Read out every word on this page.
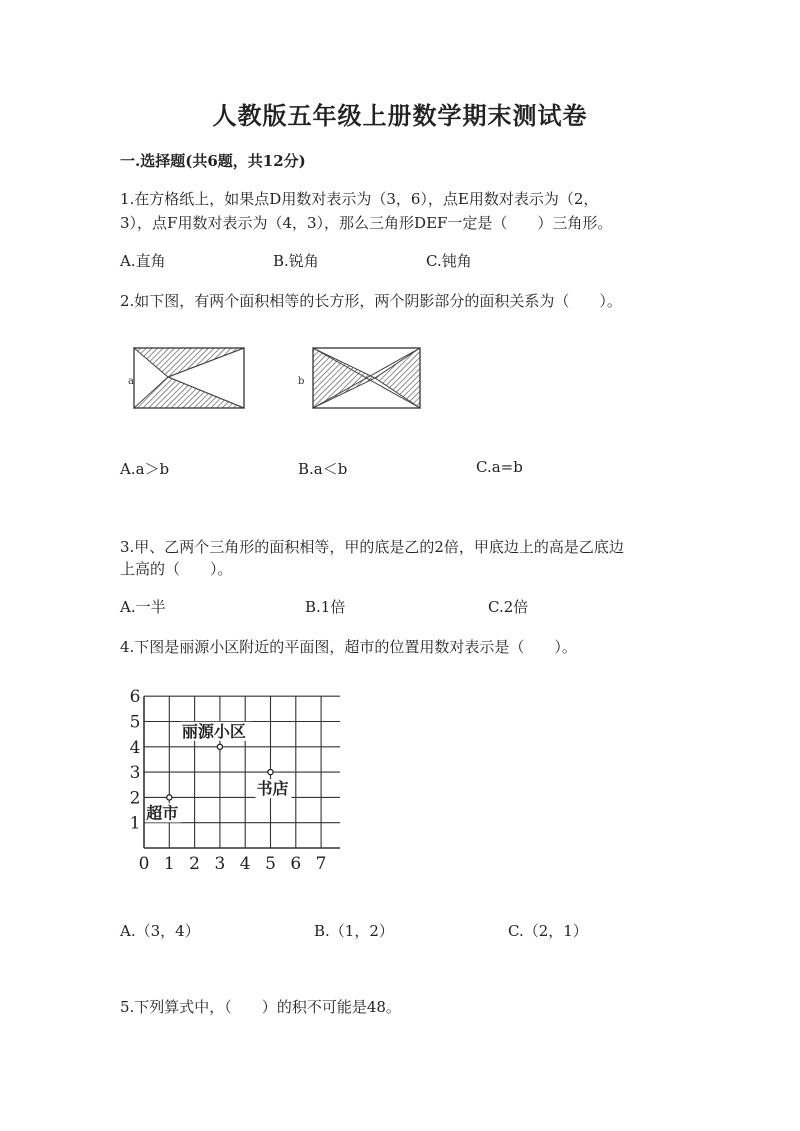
人教版五年级上册数学期末测试卷
一.选择题(共6题，共12分)
1.在方格纸上，如果点D用数对表示为（3，6），点E用数对表示为（2，
3），点F用数对表示为（4，3），那么三角形DEF一定是（　　）三角形。
A.直角	B.锐角	C.钝角
2.如下图，有两个面积相等的长方形，两个阴影部分的面积关系为（　　）。
a	b
A.a＞b	B.a＜b	C.a=b
3.甲、乙两个三角形的面积相等，甲的底是乙的2倍，甲底边上的高是乙底边
上高的（　　）。
A.一半	B.1倍	C.2倍
4.下图是丽源小区附近的平面图，超市的位置用数对表示是（　　）。
0 1 2 3 4 5 6 7
1
2
3
4
5
6
丽源小区
书店
超市
A.（3，4）	B.（1，2）	C.（2，1）
5.下列算式中，（　　）的积不可能是48。
